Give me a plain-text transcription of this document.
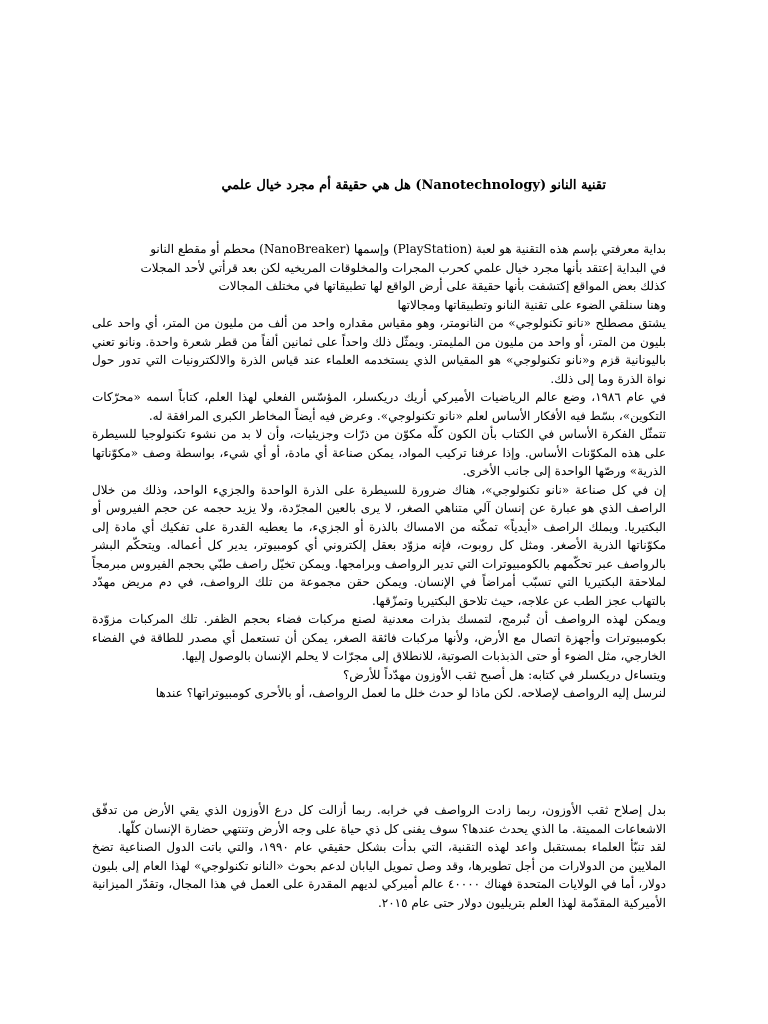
تقنية النانو (Nanotechnology) هل هي حقيقة أم مجرد خيال علمي

بداية معرفتي بإسم هذه التقنية هو لعبة (PlayStation) وإسمها (NanoBreaker) محطم أو مقطع النانو

في البداية إعتقد بأنها مجرد خيال علمي كحرب المجرات والمخلوقات المريخيه لكن بعد قرأتي لأحد المجلات

كذلك بعض المواقع إكتشفت بأنها حقيقة على أرض الواقع لها تطبيقاتها في مختلف المجالات

وهنا سنلقي الضوء على تقنية النانو وتطبيقاتها ومجالاتها

يشتق مصطلح «نانو تكنولوجي» من النانومتر، وهو مقياس مقداره واحد من ألف من مليون من المتر، أي واحد على بليون من المتر، أو واحد من مليون من المليمتر. ويمثّل ذلك واحداً على ثمانين ألفاً من قطر شعرة واحدة. ونانو تعني باليونانية قزم و«نانو تكنولوجي» هو المقياس الذي يستخدمه العلماء عند قياس الذرة والالكترونيات التي تدور حول نواة الذرة وما إلى ذلك.

في عام ١٩٨٦، وضع عالم الرياضيات الأميركي أريك دريكسلر، المؤسّس الفعلي لهذا العلم، كتاباً اسمه «محرّكات التكوين»، بسّط فيه الأفكار الأساس لعلم «نانو تكنولوجي». وعرض فيه أيضاً المخاطر الكبرى المرافقة له.

تتمثّل الفكرة الأساس في الكتاب بأن الكون كلّه مكوّن من ذرّات وجزيئيات، وأن لا بد من نشوء تكنولوجيا للسيطرة على هذه المكوّنات الأساس. وإذا عرفنا تركيب المواد، يمكن صناعة أي مادة، أو أي شيء، بواسطة وصف «مكوّناتها الذرية» ورصّها الواحدة إلى جانب الأخرى.

إن في كل صناعة «نانو تكنولوجي»، هناك ضرورة للسيطرة على الذرة الواحدة والجزيء الواحد، وذلك من خلال الراصف الذي هو عبارة عن إنسان آلي متناهي الصغر، لا يرى بالعين المجرّدة، ولا يزيد حجمه عن حجم الفيروس أو البكتيريا. ويملك الراصف «أيدياً» تمكّنه من الامساك بالذرة أو الجزيء، ما يعطيه القدرة على تفكيك أي مادة إلى مكوّناتها الذرية الأصغر. ومثل كل روبوت، فإنه مزوّد بعقل إلكتروني أي كومبيوتر، يدير كل أعماله. ويتحكّم البشر بالرواصف عبر تحكّمهم بالكومبيوترات التي تدير الرواصف وبرامجها. ويمكن تخيّل راصف طبّي بحجم الفيروس مبرمجاً لملاحقة البكتيريا التي تسبّب أمراضاً في الإنسان. ويمكن حقن مجموعة من تلك الرواصف، في دم مريض مهدّد بالتهاب عجز الطب عن علاجه، حيث تلاحق البكتيريا وتمزّقها.

ويمكن لهذه الرواصف أن تُبرمج، لتمسك بذرات معدنية لصنع مركبات فضاء بحجم الظفر. تلك المركبات مزوّدة بكومبيوترات وأجهزة اتصال مع الأرض، ولأنها مركبات فائقة الصغر، يمكن أن تستعمل أي مصدر للطاقة في الفضاء الخارجي، مثل الضوء أو حتى الذبذبات الصوتية، للانطلاق إلى مجرّات لا يحلم الإنسان بالوصول إليها.

ويتساءل دريكسلر في كتابه: هل أصبح ثقب الأوزون مهدّداً للأرض؟

لنرسل إليه الرواصف لإصلاحه. لكن ماذا لو حدث خلل ما لعمل الرواصف، أو بالأحرى كومبيوتراتها؟ عندها

بدل إصلاح ثقب الأوزون، ربما زادت الرواصف في خرابه. ربما أزالت كل درع الأوزون الذي يقي الأرض من تدفّق الاشعاعات المميتة. ما الذي يحدث عندها؟ سوف يفنى كل ذي حياة على وجه الأرض وتنتهي حضارة الإنسان كلّها.

لقد تنبّأ العلماء بمستقبل واعد لهذه التقنية، التي بدأت بشكل حقيقي عام ١٩٩٠، والتي باتت الدول الصناعية تضخ الملايين من الدولارات من أجل تطويرها، وقد وصل تمويل اليابان لدعم بحوث «النانو تكنولوجي» لهذا العام إلى بليون دولار، أما في الولايات المتحدة فهناك ٤٠٠٠٠ عالم أميركي لديهم المقدرة على العمل في هذا المجال، وتقدّر الميزانية الأميركية المقدّمة لهذا العلم بتريليون دولار حتى عام ٢٠١٥.
